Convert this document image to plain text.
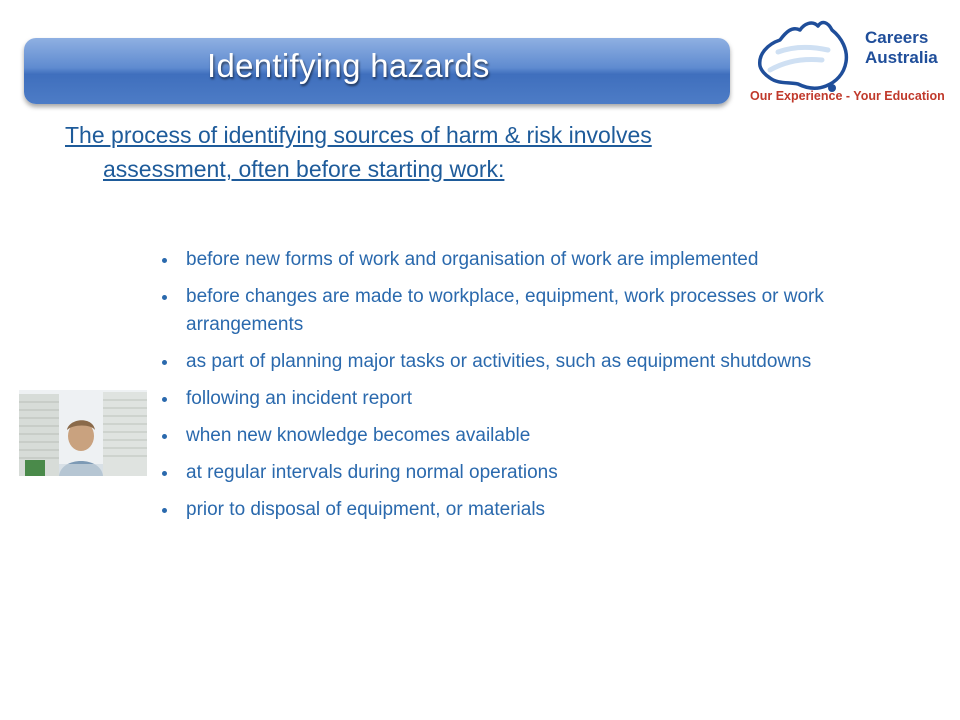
Identifying hazards
Careers
Australia
Our Experience - Your Education
The process of identifying sources of harm & risk involves
assessment, often before starting work:
before new forms of work and organisation of work are implemented
before changes are made to workplace, equipment, work processes or work arrangements
as part of planning major tasks or activities, such as equipment shutdowns
following an incident report
when new knowledge becomes available
at regular intervals during normal operations
prior to disposal of equipment, or materials
